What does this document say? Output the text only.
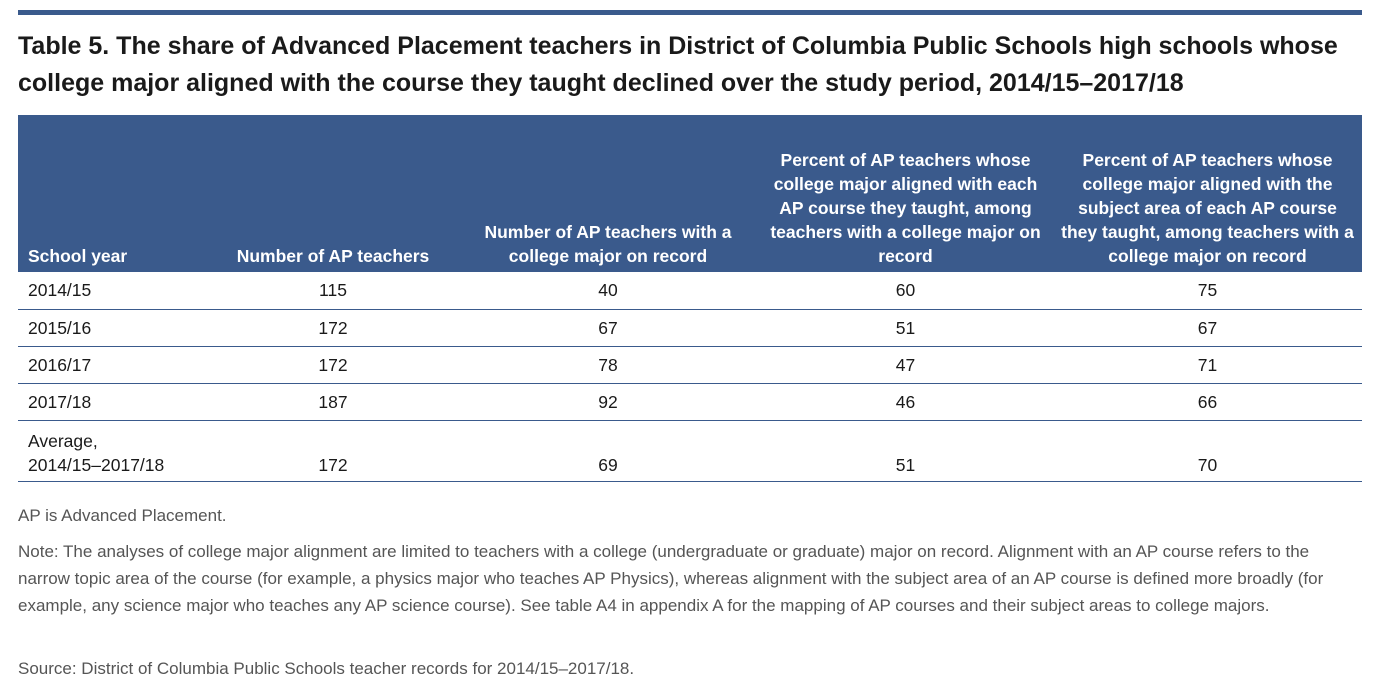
Table 5. The share of Advanced Placement teachers in District of Columbia Public Schools high schools whose college major aligned with the course they taught declined over the study period, 2014/15–2017/18
School year	Number of AP teachers	Number of AP teachers with a college major on record	Percent of AP teachers whose college major aligned with each AP course they taught, among teachers with a college major on record	Percent of AP teachers whose college major aligned with the subject area of each AP course they taught, among teachers with a college major on record
2014/15	115	40	60	75
2015/16	172	67	51	67
2016/17	172	78	47	71
2017/18	187	92	46	66

Average,
2014/15–2017/18	172	69	51	70
AP is Advanced Placement.
Note: The analyses of college major alignment are limited to teachers with a college (undergraduate or graduate) major on record. Alignment with an AP course refers to the narrow topic area of the course (for example, a physics major who teaches AP Physics), whereas alignment with the subject area of an AP course is defined more broadly (for example, any science major who teaches any AP science course). See table A4 in appendix A for the mapping of AP courses and their subject areas to college majors.
Source: District of Columbia Public Schools teacher records for 2014/15–2017/18.
